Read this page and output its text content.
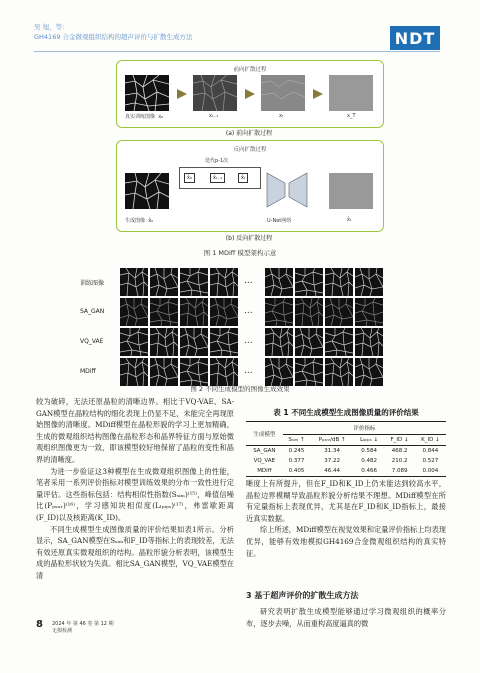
吴 旭，等：
GH4169 合金微观组织结构的超声评价与扩散生成方法	NDT
前向扩散过程
真实训练图像 x₀	xₜ₋₁	xₜ	x_T
(a) 前向扩散过程
反向扩散过程
迭代p-1次
x̂₀	x̂ₜ₋₁	x̂ₜ
生成图像 x̂₀	U-Net网络	x̂ₜ
(b) 反向扩散过程
图 1 MDiff 模型架构示意
训练图像	...
SA_GAN	...
VQ_VAE	...
MDiff	...
图 2 不同生成模型的图像生成效果
较为破碎，无法还原晶粒的清晰边界。相比于VQ-VAE、SA-GAN模型在晶粒结构的细化表现上仍显不足，未能完全再现原始图像的清晰度。MDiff模型在晶粒形貌的学习上更加精确，生成的微观组织结构图像在晶粒形态和晶界特征方面与原始微观组织图像更为一致，即该模型较好地保留了晶粒的变性和晶界的清晰度。
为进一步验证这3种模型在生成微观组织图像上的性能，笔者采用一系列评价指标对模型训练效果的分布一致性进行定量评估。这些指标包括：结构相似性指数(Sₛᵢₘ)⁽¹⁵⁾，峰值信噪比(Pₚₛₙᵣ)⁽¹⁶⁾，学习感知块相似度(Lₗₚᵢₚₛ)⁽¹⁷⁾，弗雷歇距离(F_ID)以及核距离(K_ID)。
不同生成模型生成图像质量的评价结果如表1所示。分析显示，SA_GAN模型在Sₛᵢₘ和F_ID等指标上的表现较差，无法有效还原真实微观组织的结构。晶粒形貌分析表明，该模型生成的晶粒形状较为失真。相比SA_GAN模型，VQ_VAE模型在清
表 1 不同生成模型生成图像质量的评价结果
生成模型	评价指标				
	Sₛᵢₘ ↑	Pₚₛₙᵣ/dB ↑	Lₗₚᵢₚₛ ↓	F_ID ↓	K_ID ↓
SA_GAN	0.245	31.34	0.584	468.2	0.844
VQ_VAE	0.377	37.22	0.482	210.2	0.527
MDiff	0.405	46.44	0.466	7.089	0.004
晰度上有所提升，但在F_ID和K_ID上仍未能达到较高水平，晶粒边界模糊导致晶粒形貌分析结果不理想。MDiff模型在所有定量指标上表现优异，尤其是在F_ID和K_ID指标上，最接近真实数据。
综上所述，MDiff模型在视觉效果和定量评价指标上均表现优异，能够有效地模拟GH4169合金微观组织结构的真实特征。
3 基于超声评价的扩散生成方法
研究表明扩散生成模型能够通过学习微观组织的概率分布，逐步去噪，从而重构高度逼真的微
8 2024 年 第 46 卷 第 12 期
无损检测
